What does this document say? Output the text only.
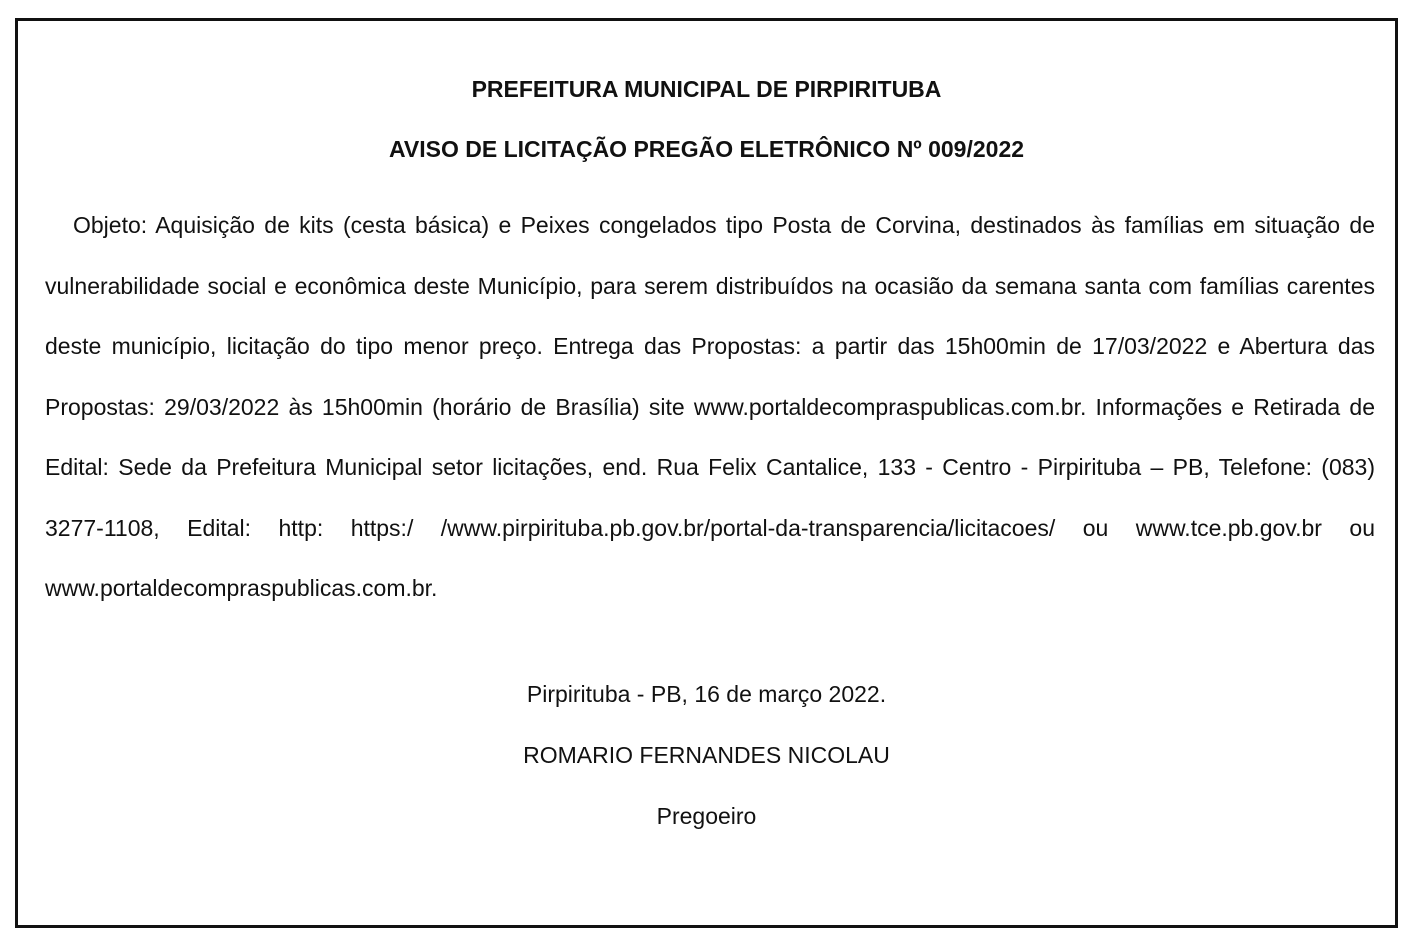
PREFEITURA MUNICIPAL DE PIRPIRITUBA
AVISO DE LICITAÇÃO PREGÃO ELETRÔNICO Nº 009/2022

Objeto: Aquisição de kits (cesta básica) e Peixes congelados tipo Posta de Corvina, destinados às famílias em situação de vulnerabilidade social e econômica deste Município, para serem distribuídos na ocasião da semana santa com famílias carentes deste município, licitação do tipo menor preço. Entrega das Propostas: a partir das 15h00min de 17/03/2022 e Abertura das Propostas: 29/03/2022 às 15h00min (horário de Brasília) site www.portaldecompraspublicas.com.br. Informações e Retirada de Edital: Sede da Prefeitura Municipal setor licitações, end. Rua Felix Cantalice, 133 - Centro - Pirpirituba – PB, Telefone: (083) 3277-1108, Edital: http: https:/ /www.pirpirituba.pb.gov.br/portal-da-transparencia/licitacoes/ ou www.tce.pb.gov.br ou www.portaldecompraspublicas.com.br.

Pirpirituba - PB, 16 de março 2022.
ROMARIO FERNANDES NICOLAU
Pregoeiro
